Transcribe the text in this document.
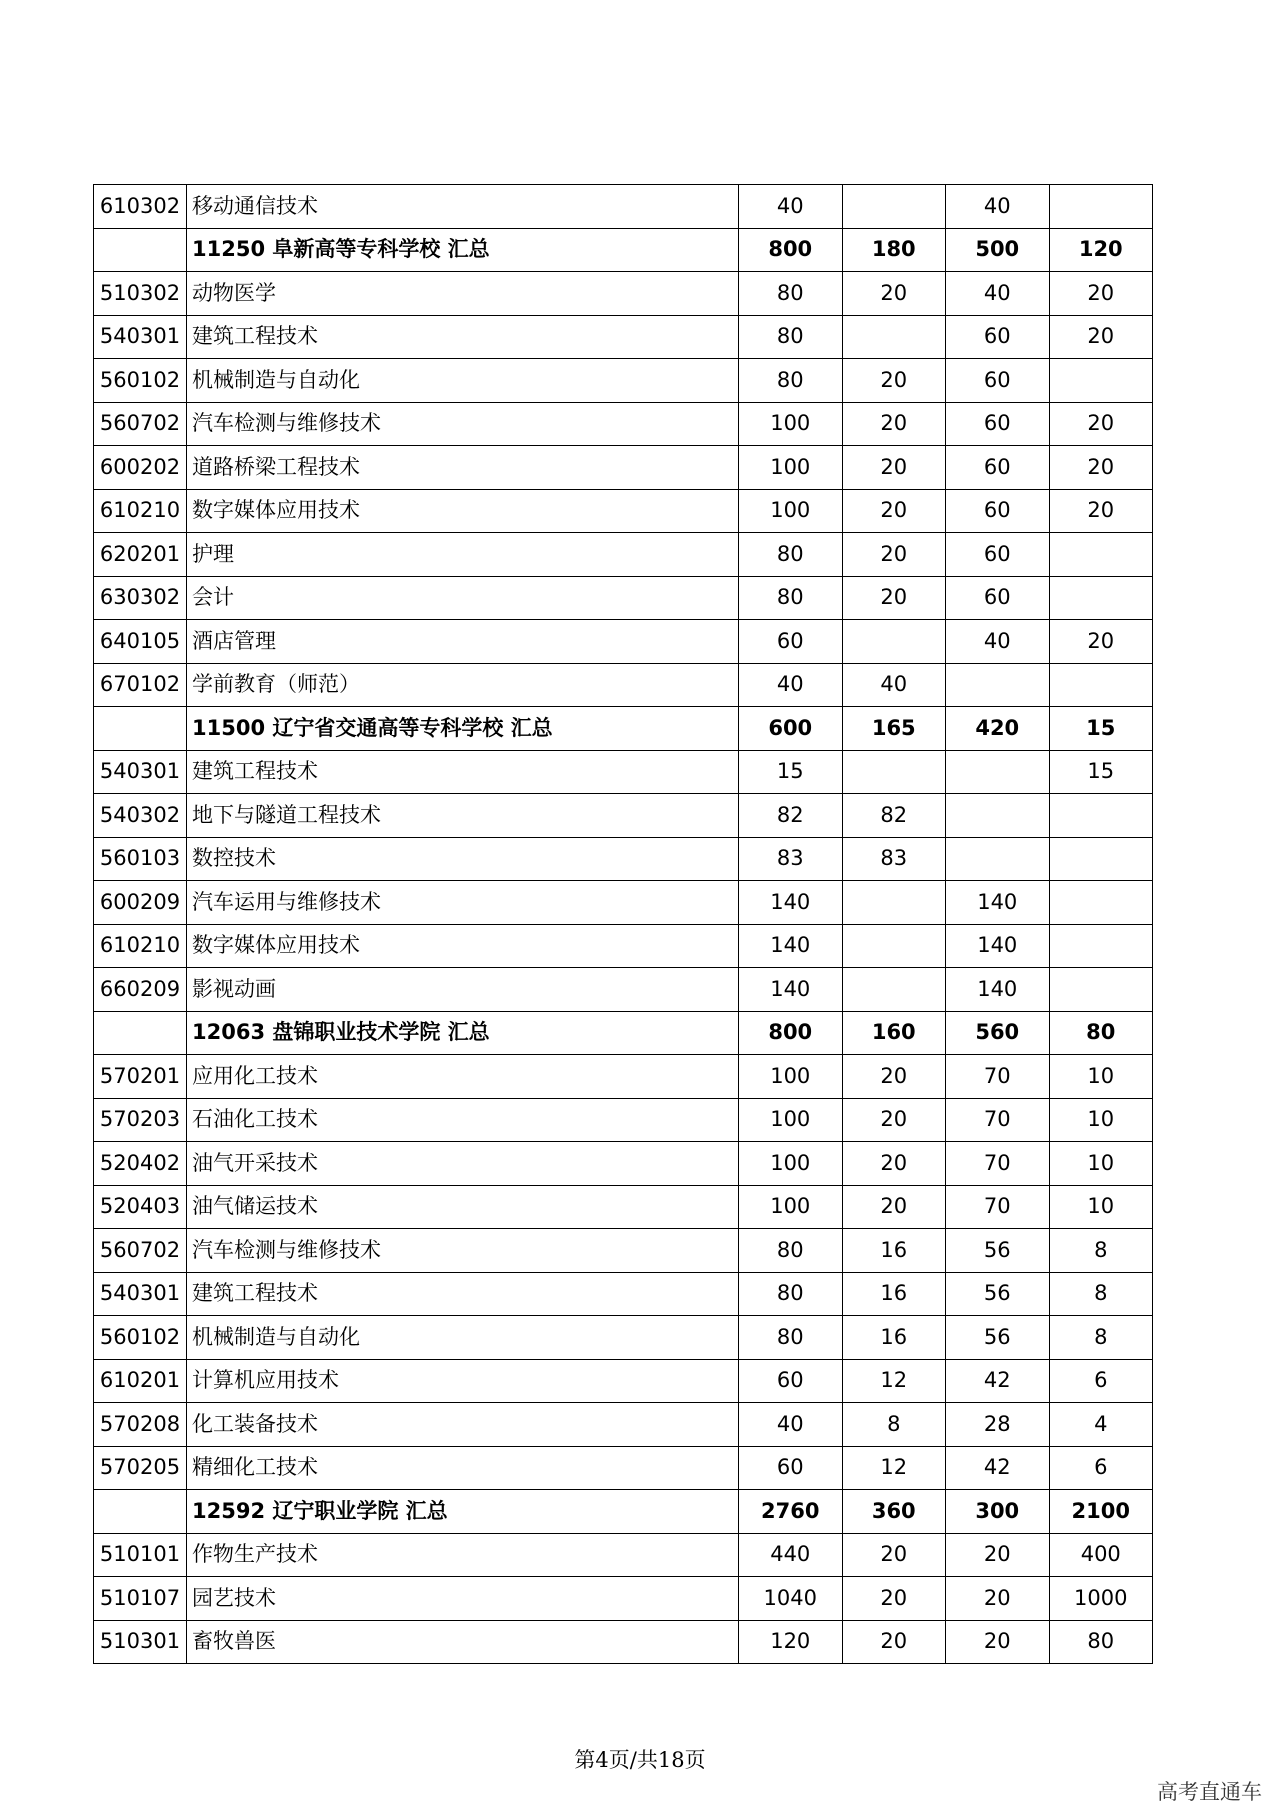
610302	移动通信技术	40		40	
	11250 阜新高等专科学校 汇总	800	180	500	120
510302	动物医学	80	20	40	20
540301	建筑工程技术	80		60	20
560102	机械制造与自动化	80	20	60	
560702	汽车检测与维修技术	100	20	60	20
600202	道路桥梁工程技术	100	20	60	20
610210	数字媒体应用技术	100	20	60	20
620201	护理	80	20	60	
630302	会计	80	20	60	
640105	酒店管理	60		40	20
670102	学前教育（师范）	40	40		
	11500 辽宁省交通高等专科学校 汇总	600	165	420	15
540301	建筑工程技术	15			15
540302	地下与隧道工程技术	82	82		
560103	数控技术	83	83		
600209	汽车运用与维修技术	140		140	
610210	数字媒体应用技术	140		140	
660209	影视动画	140		140	
	12063 盘锦职业技术学院 汇总	800	160	560	80
570201	应用化工技术	100	20	70	10
570203	石油化工技术	100	20	70	10
520402	油气开采技术	100	20	70	10
520403	油气储运技术	100	20	70	10
560702	汽车检测与维修技术	80	16	56	8
540301	建筑工程技术	80	16	56	8
560102	机械制造与自动化	80	16	56	8
610201	计算机应用技术	60	12	42	6
570208	化工装备技术	40	8	28	4
570205	精细化工技术	60	12	42	6
	12592 辽宁职业学院 汇总	2760	360	300	2100
510101	作物生产技术	440	20	20	400
510107	园艺技术	1040	20	20	1000
510301	畜牧兽医	120	20	20	80
第4页/共18页
高考直通车
